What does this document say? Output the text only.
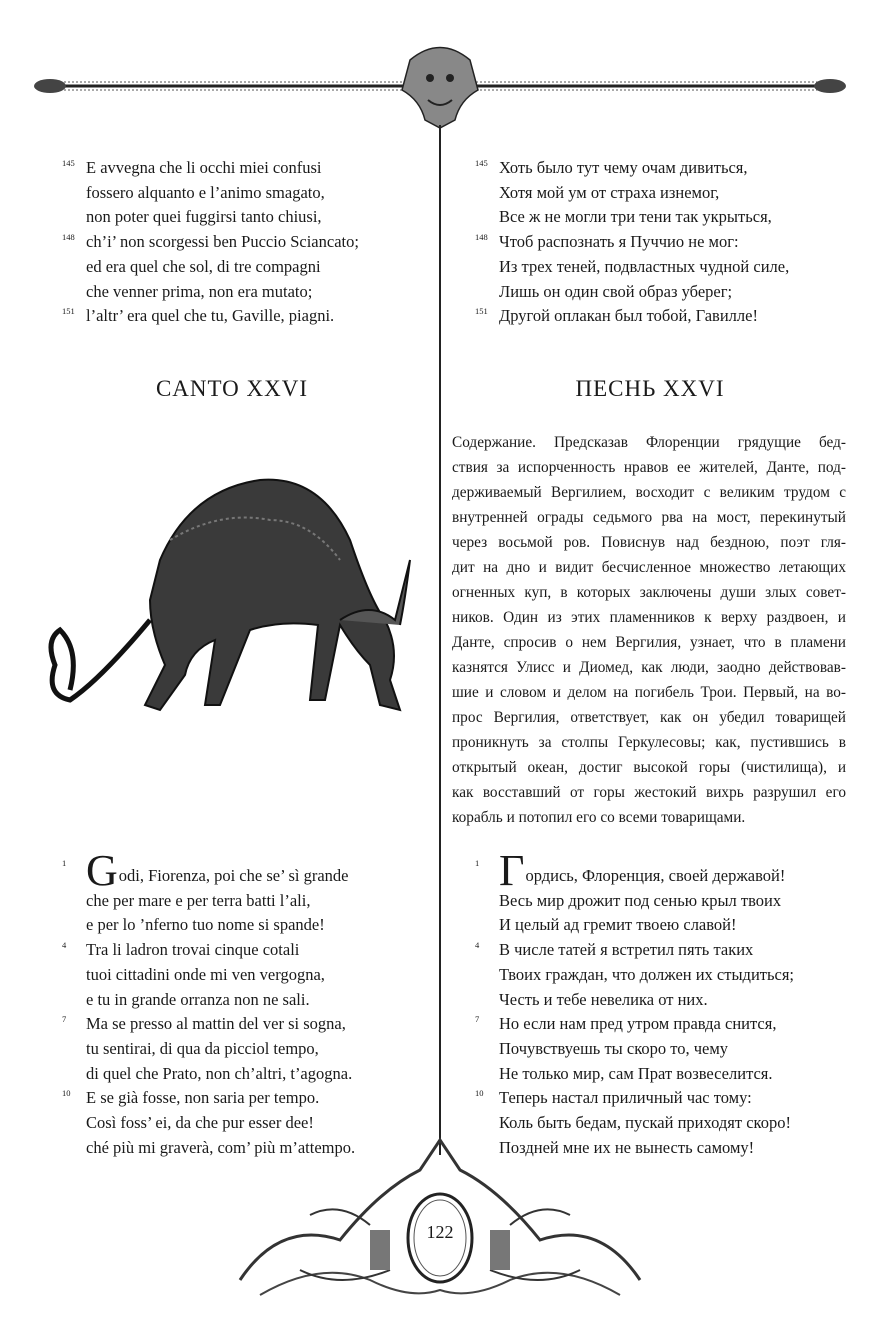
145 E avvegna che li occhi miei confusi
fossero alquanto e l’animo smagato,
non poter quei fuggirsi tanto chiusi,
148 ch’i’ non scorgessi ben Puccio Sciancato;
ed era quel che sol, di tre compagni
che venner prima, non era mutato;
151 l’altr’ era quel che tu, Gaville, piagni.
145 Хоть было тут чему очам дивиться,
Хотя мой ум от страха изнемог,
Все ж не могли три тени так укрыться,
148 Чтоб распознать я Пуччио не мог:
Из трех теней, подвластных чудной силе,
Лишь он один свой образ уберег;
151 Другой оплакан был тобой, Гавилле!
CANTO XXVI	ПЕСНЬ XXVI
Содержание. Предсказав Флоренции грядущие бед-
ствия за испорченность нравов ее жителей, Данте, под-
держиваемый Вергилием, восходит с великим трудом с
внутренней ограды седьмого рва на мост, перекинутый
через восьмой ров. Повиснув над бездною, поэт гля-
дит на дно и видит бесчисленное множество летающих
огненных куп, в которых заключены души злых совет-
ников. Один из этих пламенников к верху раздвоен, и
Данте, спросив о нем Вергилия, узнает, что в пламени
казнятся Улисс и Диомед, как люди, заодно действовав-
шие и словом и делом на погибель Трои. Первый, на во-
прос Вергилия, ответствует, как он убедил товарищей
проникнуть за столпы Геркулесовы; как, пустившись в
открытый океан, достиг высокой горы (чистилища), и
как восставший от горы жестокий вихрь разрушил его
корабль и потопил его со всеми товарищами.
1 Godi, Fiorenza, poi che se’ sì grande
che per mare e per terra batti l’ali,
e per lo ’nferno tuo nome si spande!
4 Tra li ladron trovai cinque cotali
tuoi cittadini onde mi ven vergogna,
e tu in grande orranza non ne sali.
7 Ma se presso al mattin del ver si sogna,
tu sentirai, di qua da picciol tempo,
di quel che Prato, non ch’altri, t’agogna.
10 E se già fosse, non saria per tempo.
Così foss’ ei, da che pur esser dee!
ché più mi graverà, com’ più m’attempo.
1 Гордись, Флоренция, своей державой!
Весь мир дрожит под сенью крыл твоих
И целый ад гремит твоею славой!
4 В числе татей я встретил пять таких
Твоих граждан, что должен их стыдиться;
Честь и тебе невелика от них.
7 Но если нам пред утром правда снится,
Почувствуешь ты скоро то, чему
Не только мир, сам Прат возвеселится.
10 Теперь настал приличный час тому:
Коль быть бедам, пускай приходят скоро!
Поздней мне их не вынесть самому!
122
